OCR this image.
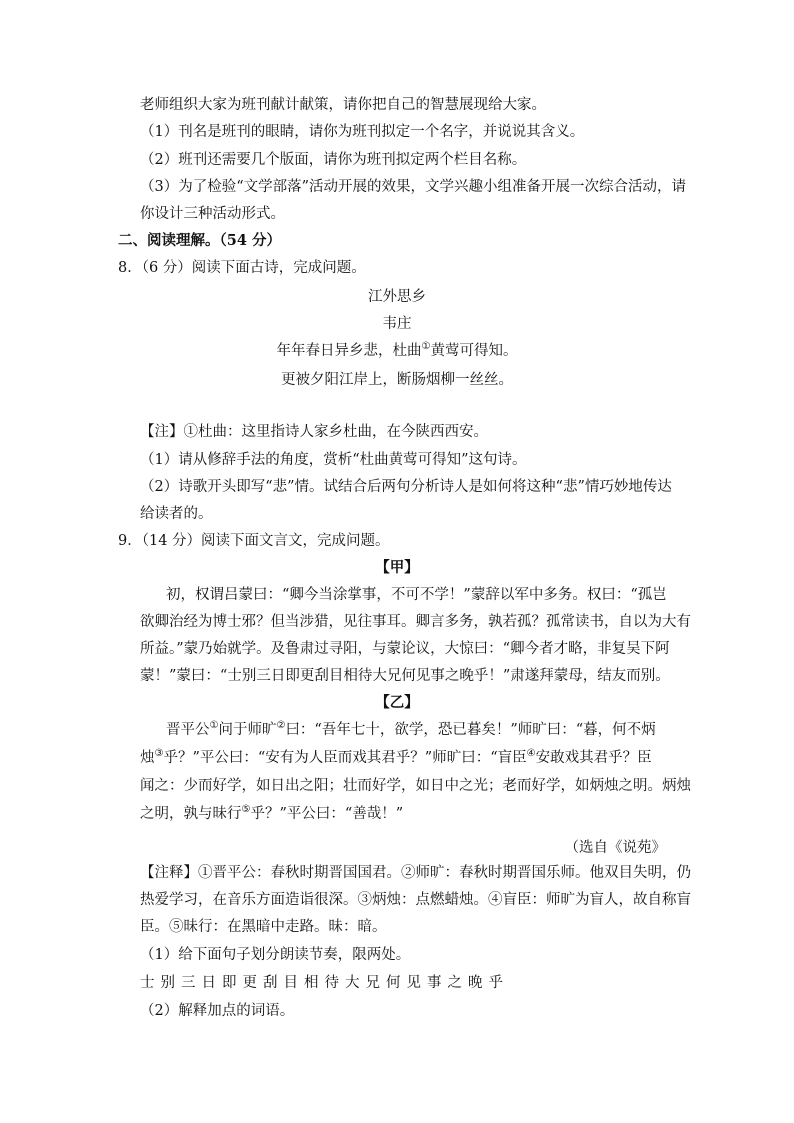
老师组织大家为班刊献计献策，请你把自己的智慧展现给大家。
（1）刊名是班刊的眼睛，请你为班刊拟定一个名字，并说说其含义。
（2）班刊还需要几个版面，请你为班刊拟定两个栏目名称。
（3）为了检验“文学部落”活动开展的效果，文学兴趣小组准备开展一次综合活动，请
你设计三种活动形式。
二、阅读理解。（54 分）
8．（6 分）阅读下面古诗，完成问题。
江外思乡
韦庄
年年春日异乡悲，杜曲①黄莺可得知。
更被夕阳江岸上，断肠烟柳一丝丝。
【注】①杜曲：这里指诗人家乡杜曲，在今陕西西安。
（1）请从修辞手法的角度，赏析“杜曲黄莺可得知”这句诗。
（2）诗歌开头即写“悲”情。试结合后两句分析诗人是如何将这种“悲”情巧妙地传达
给读者的。
9．（14 分）阅读下面文言文，完成问题。
【甲】
初，权谓吕蒙曰：“卿今当涂掌事，不可不学！”蒙辞以军中多务。权曰：“孤岂
欲卿治经为博士邪？但当涉猎，见往事耳。卿言多务，孰若孤？孤常读书，自以为大有
所益。”蒙乃始就学。及鲁肃过寻阳，与蒙论议，大惊曰：“卿今者才略，非复吴下阿
蒙！”蒙曰：“士别三日即更刮目相待大兄何见事之晚乎！”肃遂拜蒙母，结友而别。
【乙】
晋平公①问于师旷②曰：“吾年七十，欲学，恐已暮矣！”师旷曰：“暮，何不炳
烛③乎？”平公曰：“安有为人臣而戏其君乎？”师旷曰：“盲臣④安敢戏其君乎？臣
闻之：少而好学，如日出之阳；壮而好学，如日中之光；老而好学，如炳烛之明。炳烛
之明，孰与昧行⑤乎？”平公曰：“善哉！”
（选自《说苑》
【注释】①晋平公：春秋时期晋国国君。②师旷：春秋时期晋国乐师。他双目失明，仍
热爱学习，在音乐方面造诣很深。③炳烛：点燃蜡烛。④盲臣：师旷为盲人，故自称盲
臣。⑤昧行：在黑暗中走路。昧：暗。
（1）给下面句子划分朗读节奏，限两处。
士别三日即更刮目相待大兄何见事之晚乎
（2）解释加点的词语。
